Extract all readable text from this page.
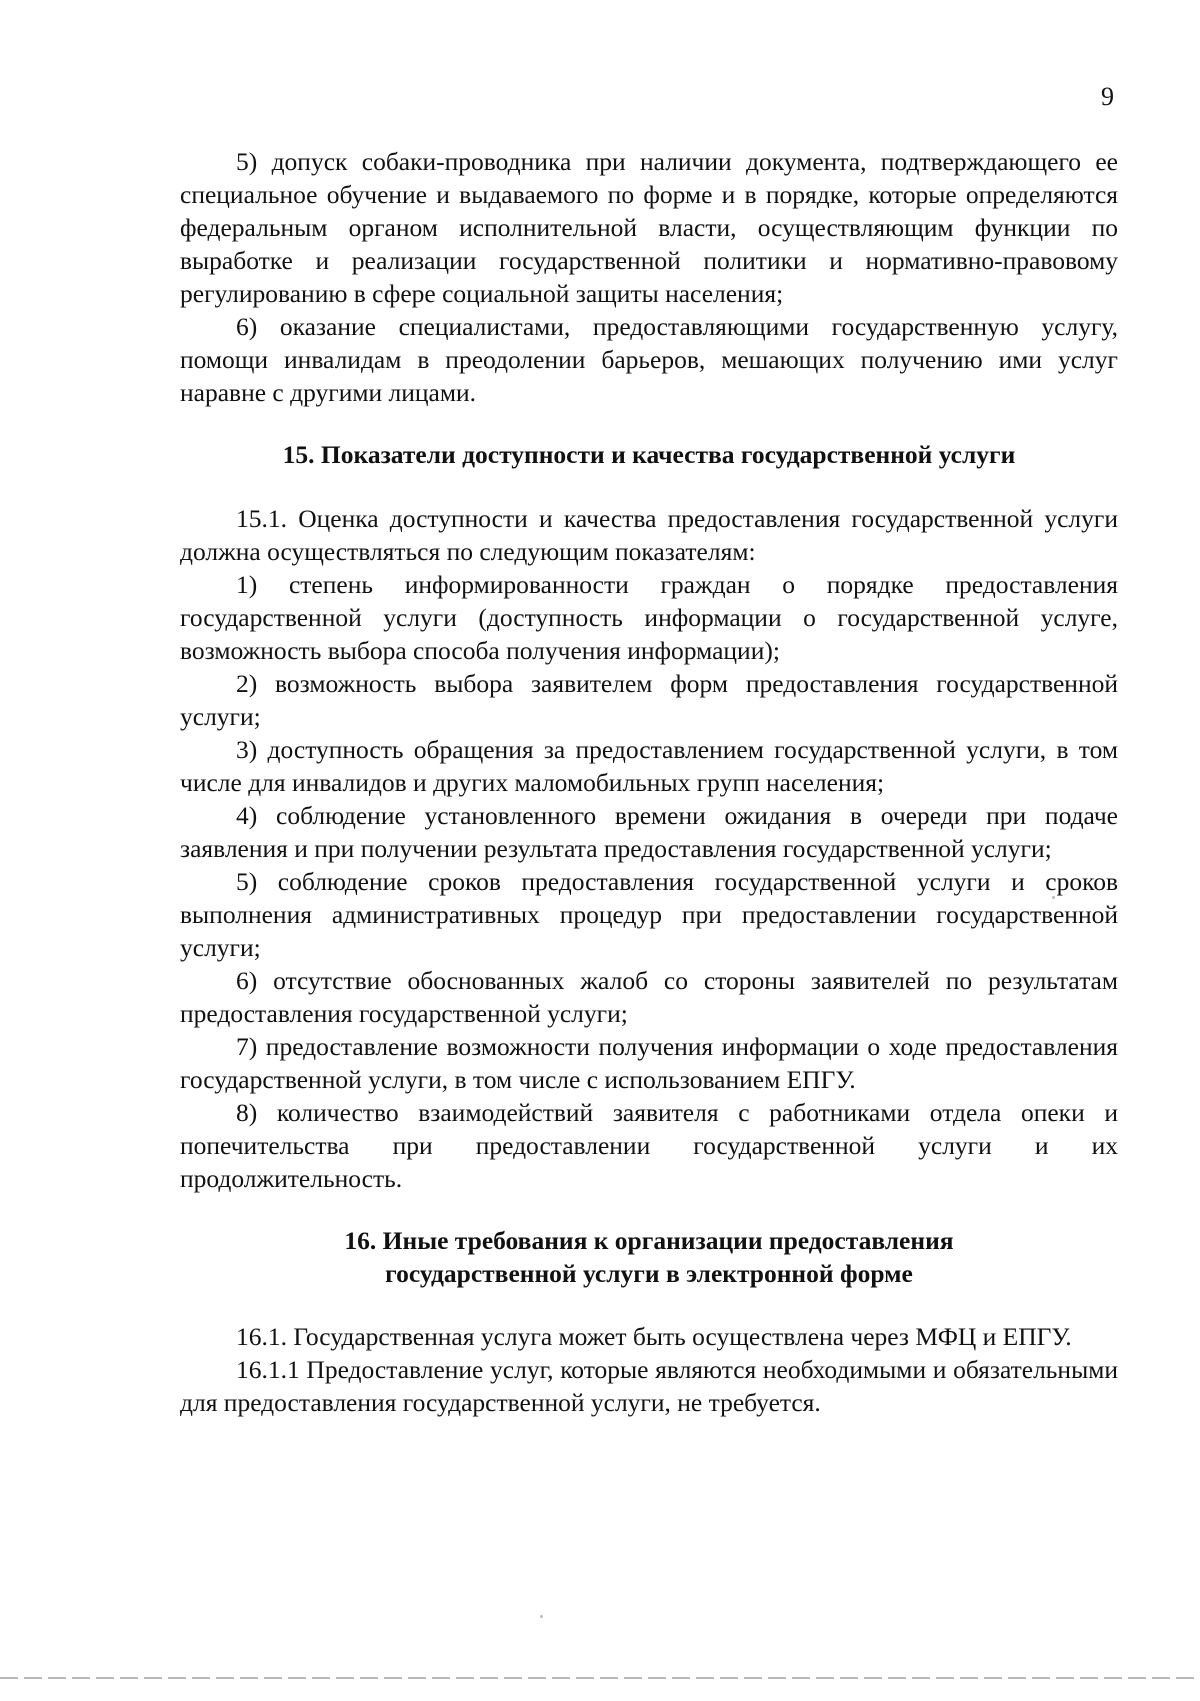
9

5) допуск собаки-проводника при наличии документа, подтверждающего ее специальное обучение и выдаваемого по форме и в порядке, которые определяются федеральным органом исполнительной власти, осуществляющим функции по выработке и реализации государственной политики и нормативно-правовому регулированию в сфере социальной защиты населения;

6) оказание специалистами, предоставляющими государственную услугу, помощи инвалидам в преодолении барьеров, мешающих получению ими услуг наравне с другими лицами.

15. Показатели доступности и качества государственной услуги

15.1. Оценка доступности и качества предоставления государственной услуги должна осуществляться по следующим показателям:

1) степень информированности граждан о порядке предоставления государственной услуги (доступность информации о государственной услуге, возможность выбора способа получения информации);

2) возможность выбора заявителем форм предоставления государственной услуги;

3) доступность обращения за предоставлением государственной услуги, в том числе для инвалидов и других маломобильных групп населения;

4) соблюдение установленного времени ожидания в очереди при подаче заявления и при получении результата предоставления государственной услуги;

5) соблюдение сроков предоставления государственной услуги и сроков выполнения административных процедур при предоставлении государственной услуги;

6) отсутствие обоснованных жалоб со стороны заявителей по результатам предоставления государственной услуги;

7) предоставление возможности получения информации о ходе предоставления государственной услуги, в том числе с использованием ЕПГУ.

8) количество взаимодействий заявителя с работниками отдела опеки и попечительства при предоставлении государственной услуги и их продолжительность.

16. Иные требования к организации предоставления
государственной услуги в электронной форме

16.1. Государственная услуга может быть осуществлена через МФЦ и ЕПГУ.

16.1.1 Предоставление услуг, которые являются необходимыми и обязательными для предоставления государственной услуги, не требуется.
